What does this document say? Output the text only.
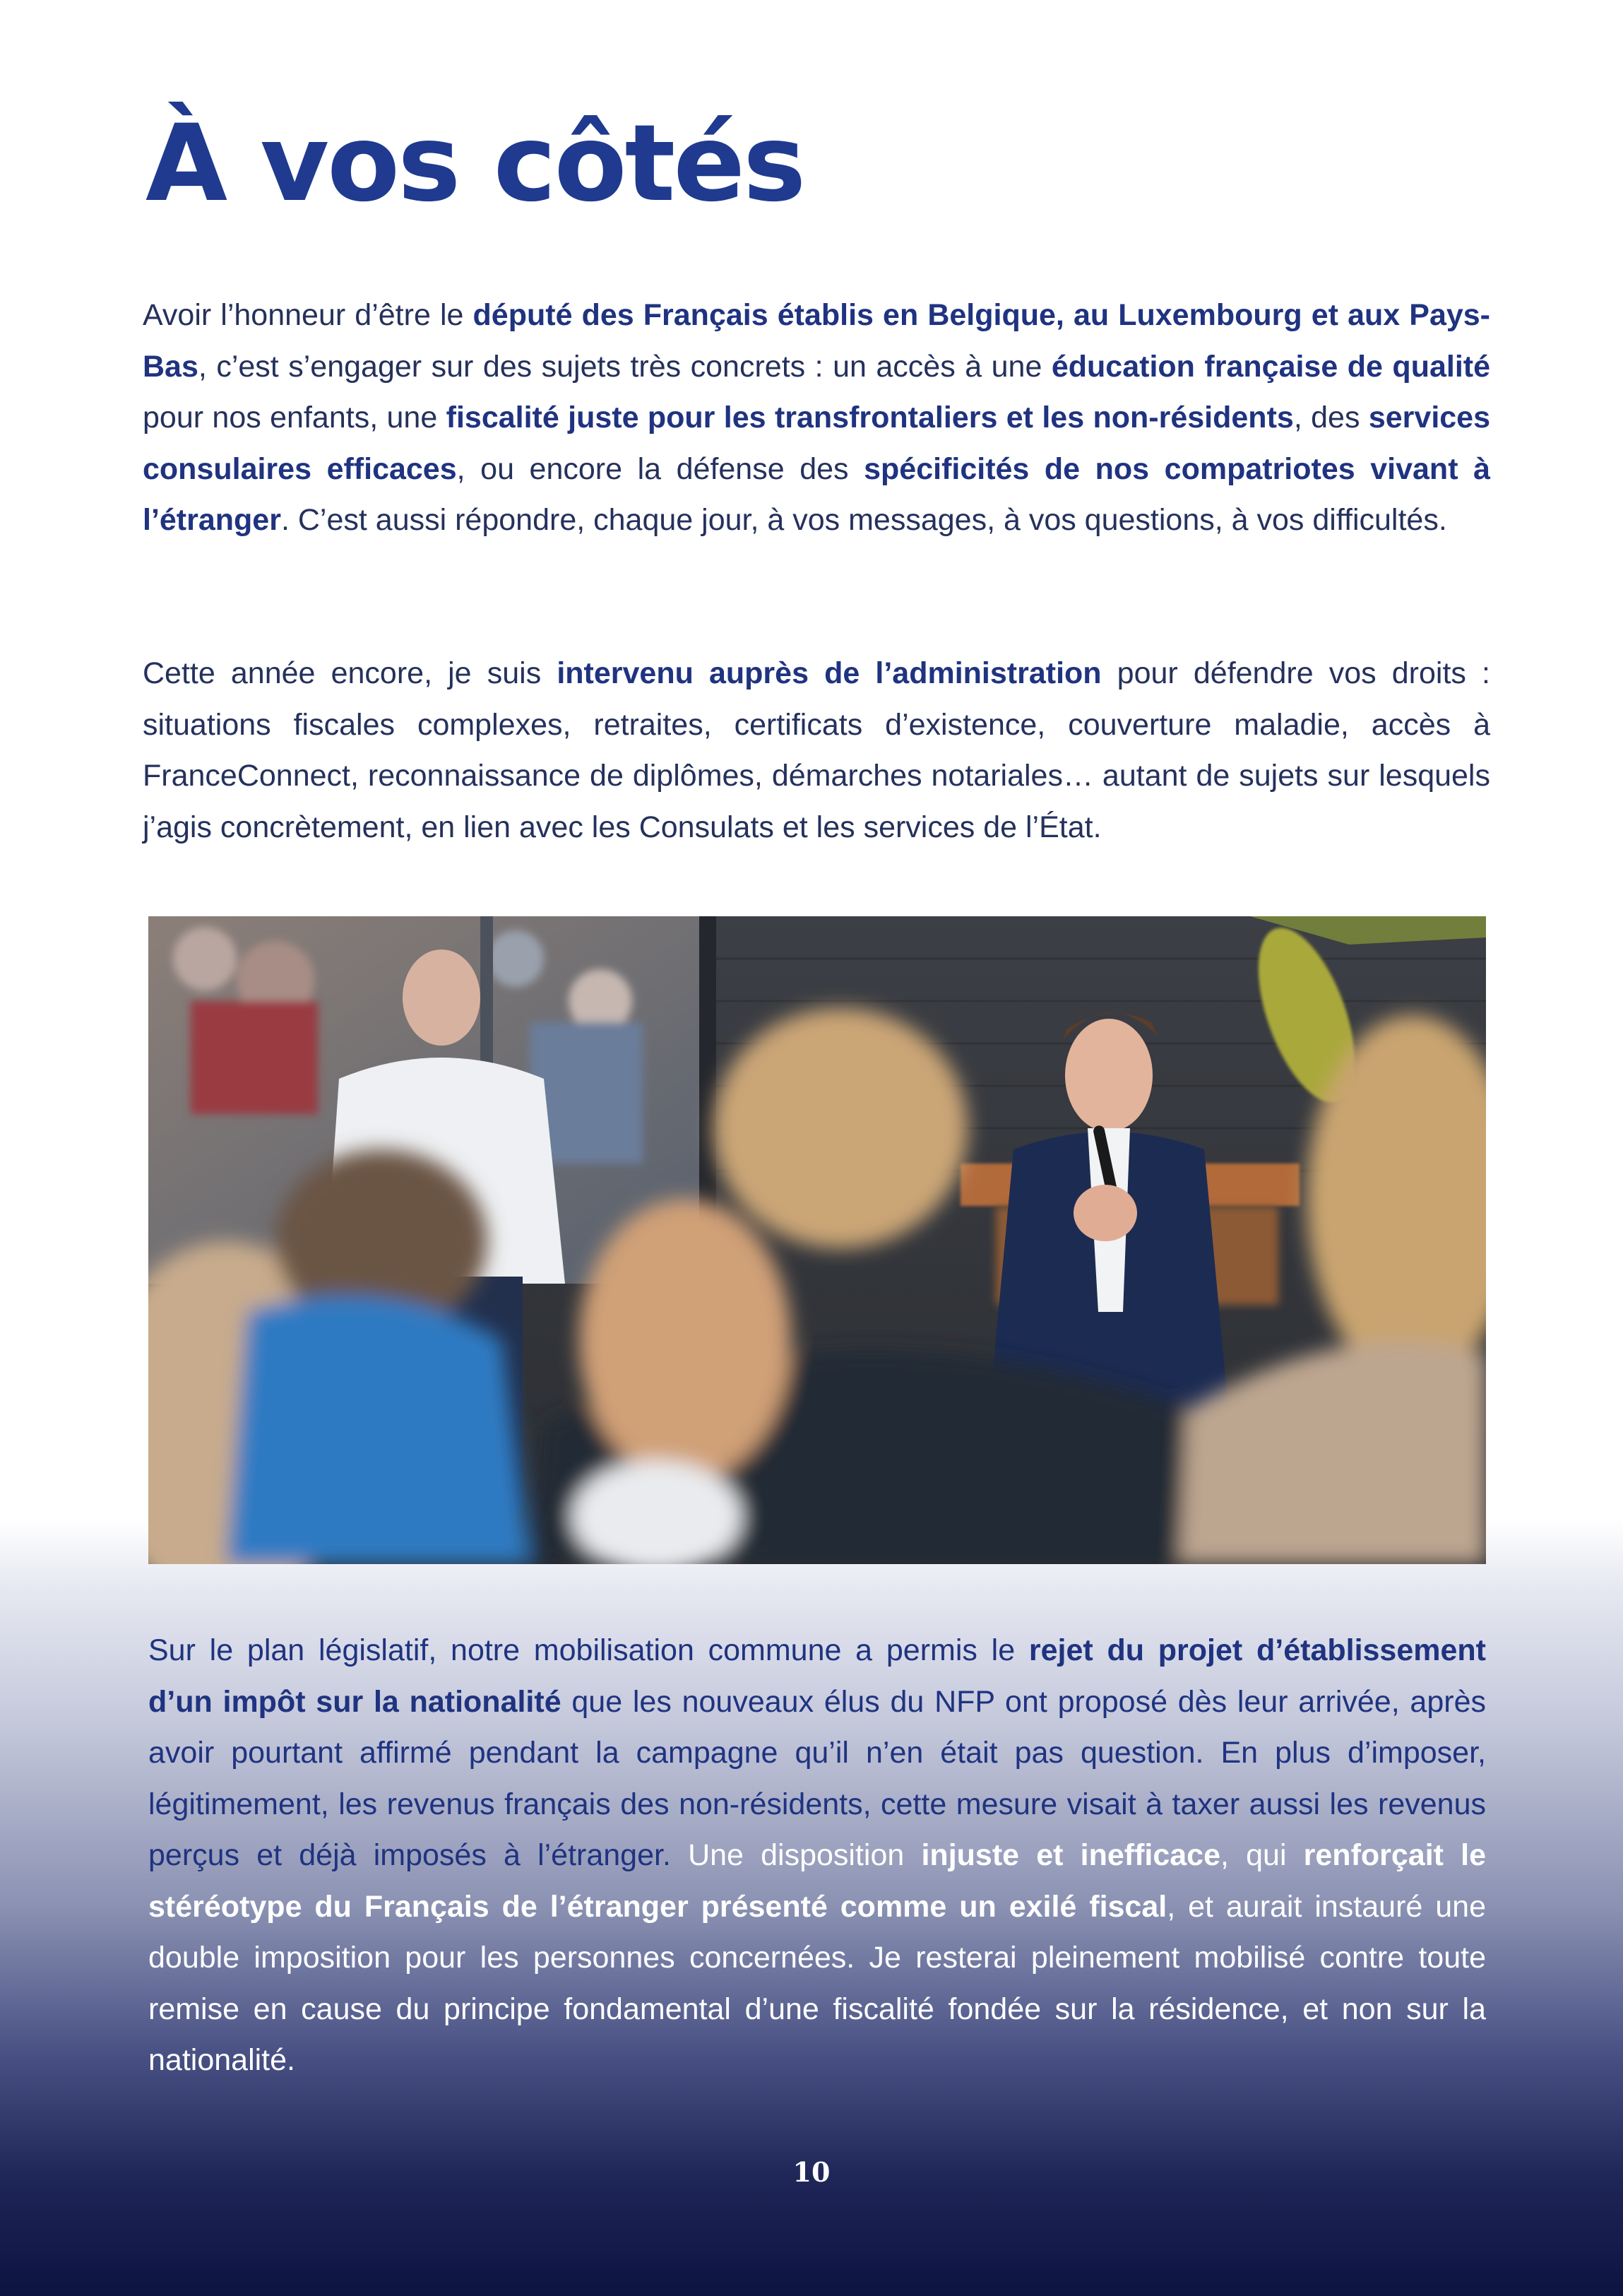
À vos côtés

Avoir l’honneur d’être le député des Français établis en Belgique, au Luxembourg et aux Pays-Bas, c’est s’engager sur des sujets très concrets : un accès à une éducation française de qualité pour nos enfants, une fiscalité juste pour les transfrontaliers et les non-résidents, des services consulaires efficaces, ou encore la défense des spécificités de nos compatriotes vivant à l’étranger. C’est aussi répondre, chaque jour, à vos messages, à vos questions, à vos difficultés.

Cette année encore, je suis intervenu auprès de l’administration pour défendre vos droits : situations fiscales complexes, retraites, certificats d’existence, couverture maladie, accès à FranceConnect, reconnaissance de diplômes, démarches notariales… autant de sujets sur lesquels j’agis concrètement, en lien avec les Consulats et les services de l’État.

Sur le plan législatif, notre mobilisation commune a permis le rejet du projet d’établissement d’un impôt sur la nationalité que les nouveaux élus du NFP ont proposé dès leur arrivée, après avoir pourtant affirmé pendant la campagne qu’il n’en était pas question. En plus d’imposer, légitimement, les revenus français des non-résidents, cette mesure visait à taxer aussi les revenus perçus et déjà imposés à l’étranger. Une disposition injuste et inefficace, qui renforçait le stéréotype du Français de l’étranger présenté comme un exilé fiscal, et aurait instauré une double imposition pour les personnes concernées. Je resterai pleinement mobilisé contre toute remise en cause du principe fondamental d’une fiscalité fondée sur la résidence, et non sur la nationalité.

10
